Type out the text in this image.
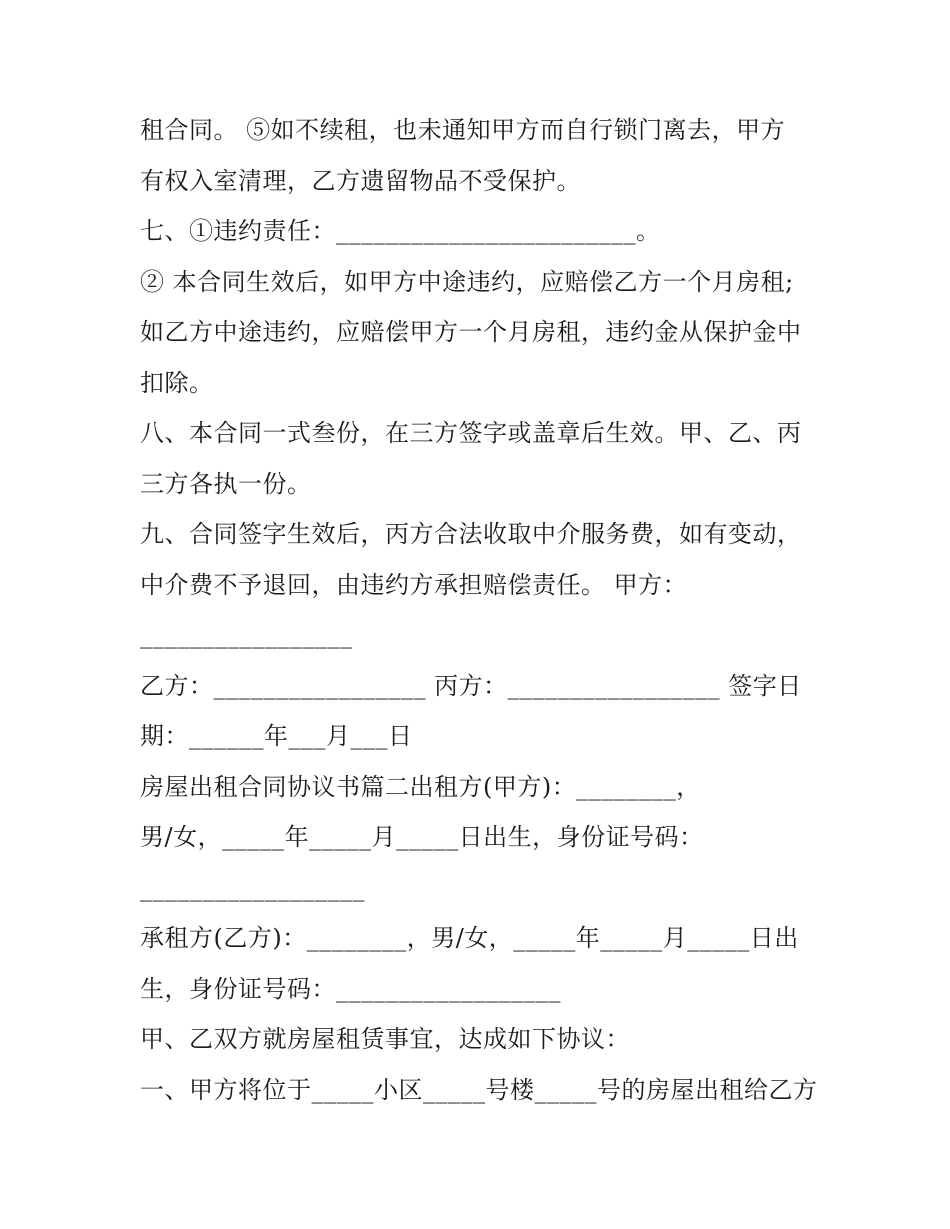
租合同。 ⑤如不续租，也未通知甲方而自行锁门离去，甲方
有权入室清理，乙方遗留物品不受保护。
七、①违约责任：________________________。
② 本合同生效后，如甲方中途违约，应赔偿乙方一个月房租;
如乙方中途违约，应赔偿甲方一个月房租，违约金从保护金中
扣除。
八、本合同一式叁份，在三方签字或盖章后生效。甲、乙、丙
三方各执一份。
九、合同签字生效后，丙方合法收取中介服务费，如有变动，
中介费不予退回，由违约方承担赔偿责任。 甲方：
_________________
乙方：_________________ 丙方：_________________ 签字日
期：______年___月___日
房屋出租合同协议书篇二出租方(甲方)：________，
男/女，_____年_____月_____日出生，身份证号码：
__________________
承租方(乙方)：________，男/女，_____年_____月_____日出
生，身份证号码：__________________
甲、乙双方就房屋租赁事宜，达成如下协议：
一、甲方将位于_____小区_____号楼_____号的房屋出租给乙方
